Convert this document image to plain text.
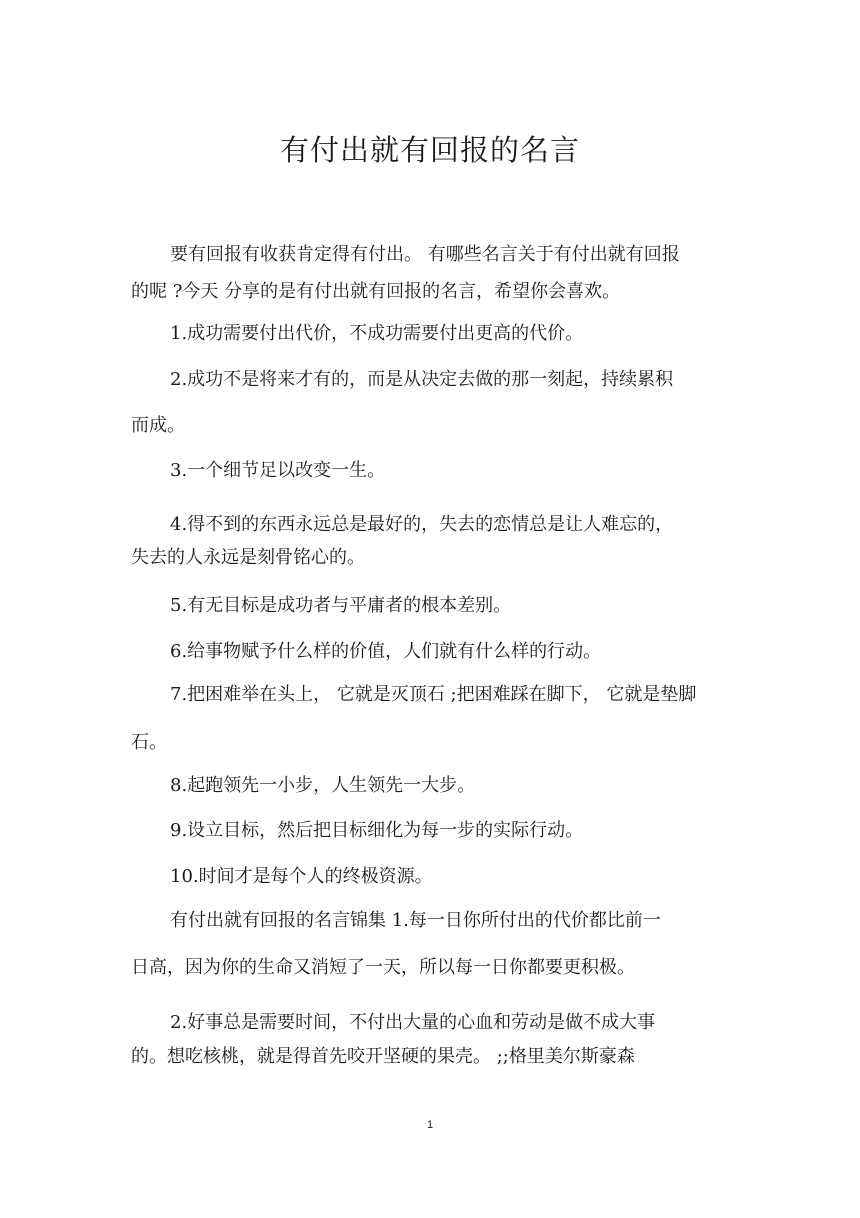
有付出就有回报的名言
要有回报有收获肯定得有付出。 有哪些名言关于有付出就有回报
的呢 ?今天 分享的是有付出就有回报的名言，希望你会喜欢。
1.成功需要付出代价，不成功需要付出更高的代价。
2.成功不是将来才有的，而是从决定去做的那一刻起，持续累积
而成。
3.一个细节足以改变一生。
4.得不到的东西永远总是最好的，失去的恋情总是让人难忘的，
失去的人永远是刻骨铭心的。
5.有无目标是成功者与平庸者的根本差别。
6.给事物赋予什么样的价值，人们就有什么样的行动。
7.把困难举在头上， 它就是灭顶石 ;把困难踩在脚下， 它就是垫脚
石。
8.起跑领先一小步，人生领先一大步。
9.设立目标，然后把目标细化为每一步的实际行动。
10.时间才是每个人的终极资源。
有付出就有回报的名言锦集 1.每一日你所付出的代价都比前一
日高，因为你的生命又消短了一天，所以每一日你都要更积极。
2.好事总是需要时间，不付出大量的心血和劳动是做不成大事
的。想吃核桃，就是得首先咬开坚硬的果壳。 ;;格里美尔斯豪森
1
